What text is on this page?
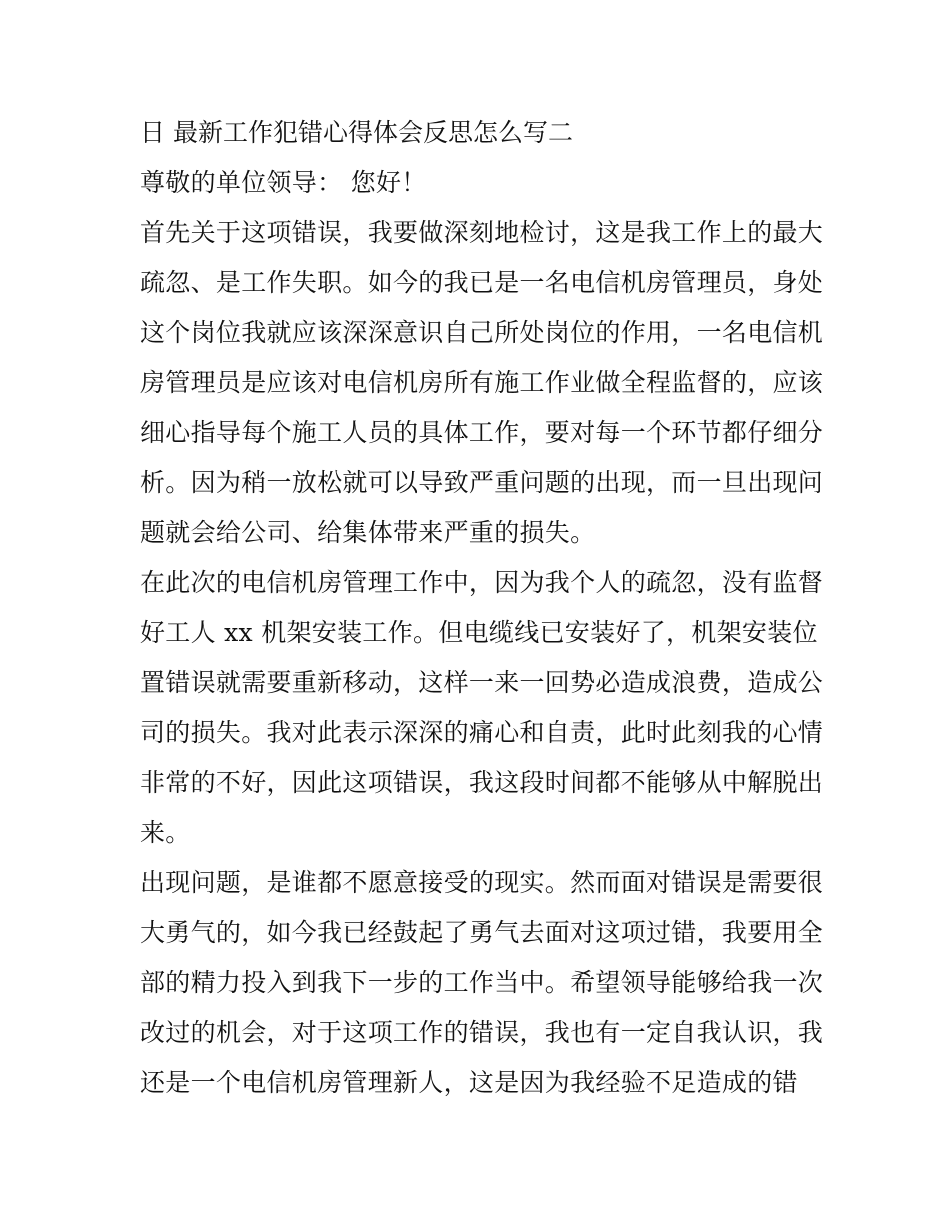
日 最新工作犯错心得体会反思怎么写二
尊敬的单位领导： 您好！
首先关于这项错误，我要做深刻地检讨，这是我工作上的最大
疏忽、是工作失职。如今的我已是一名电信机房管理员，身处
这个岗位我就应该深深意识自己所处岗位的作用，一名电信机
房管理员是应该对电信机房所有施工作业做全程监督的，应该
细心指导每个施工人员的具体工作，要对每一个环节都仔细分
析。因为稍一放松就可以导致严重问题的出现，而一旦出现问
题就会给公司、给集体带来严重的损失。
在此次的电信机房管理工作中，因为我个人的疏忽，没有监督
好工人 xx 机架安装工作。但电缆线已安装好了，机架安装位
置错误就需要重新移动，这样一来一回势必造成浪费，造成公
司的损失。我对此表示深深的痛心和自责，此时此刻我的心情
非常的不好，因此这项错误，我这段时间都不能够从中解脱出
来。
出现问题，是谁都不愿意接受的现实。然而面对错误是需要很
大勇气的，如今我已经鼓起了勇气去面对这项过错，我要用全
部的精力投入到我下一步的工作当中。希望领导能够给我一次
改过的机会，对于这项工作的错误，我也有一定自我认识，我
还是一个电信机房管理新人，这是因为我经验不足造成的错
